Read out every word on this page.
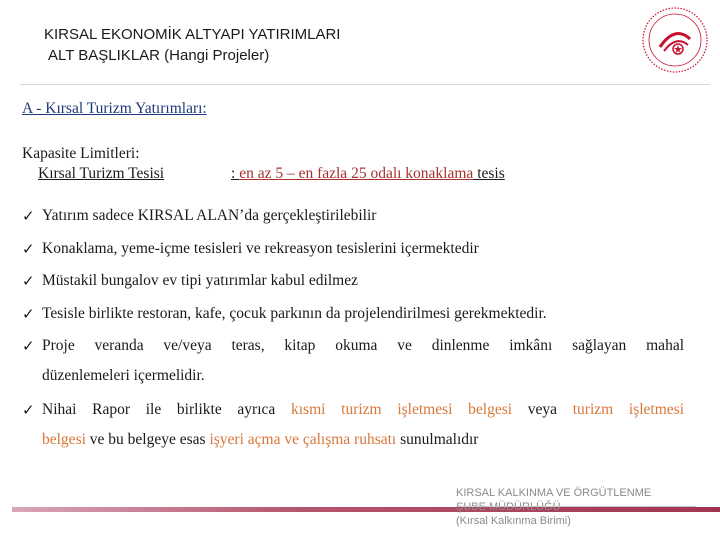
KIRSAL EKONOMİK ALTYAPI YATIRIMLARI
ALT BAŞLIKLAR (Hangi Projeler)
A - Kırsal Turizm Yatırımları:
Kapasite Limitleri:
Kırsal Turizm Tesisi	: en az 5 – en fazla 25 odalı konaklama tesis
✓ Yatırım sadece KIRSAL ALAN’da gerçekleştirilebilir
✓ Konaklama, yeme-içme tesisleri ve rekreasyon tesislerini içermektedir
✓ Müstakil bungalov ev tipi yatırımlar kabul edilmez
✓ Tesisle birlikte restoran, kafe, çocuk parkının da projelendirilmesi gerekmektedir.
✓ Proje veranda ve/veya teras, kitap okuma ve dinlenme imkânı sağlayan mahal
düzenlemeleri içermelidir.
✓ Nihai Rapor ile birlikte ayrıca kısmi turizm işletmesi belgesi veya turizm işletmesi
belgesi ve bu belgeye esas işyeri açma ve çalışma ruhsatı sunulmalıdır
KIRSAL KALKINMA VE ÖRGÜTLENME
ŞUBE MÜDÜRLÜĞÜ
(Kırsal Kalkınma Birimi)
